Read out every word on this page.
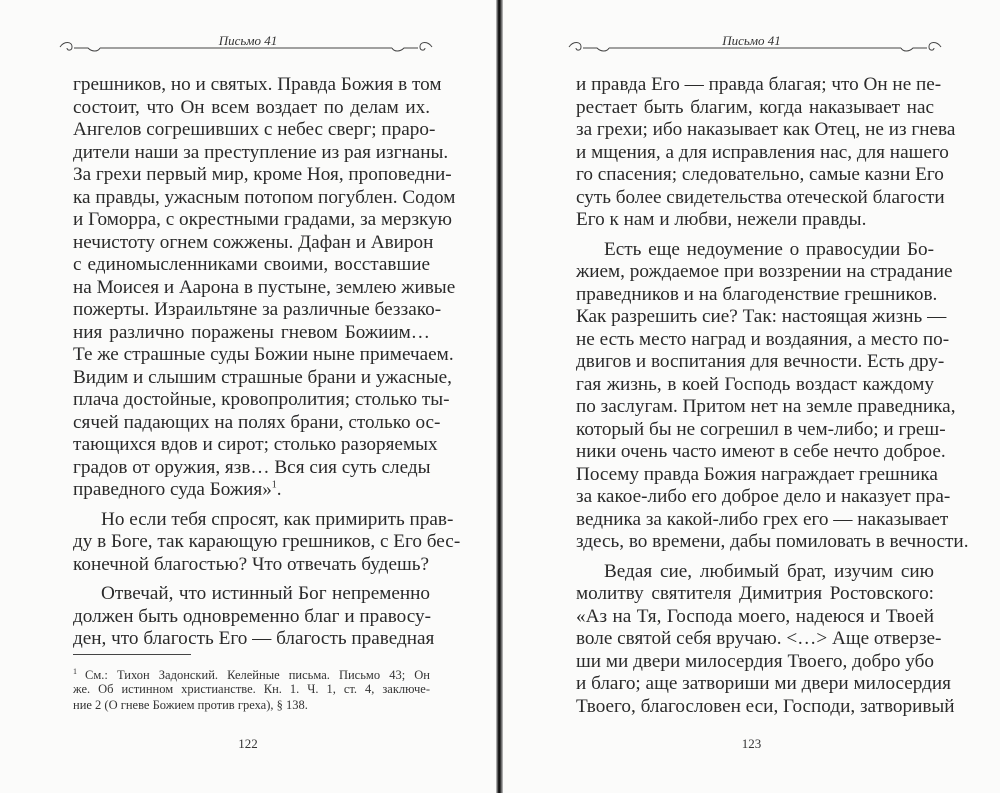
Письмо 41
грешников, но и святых. Правда Божия в том
состоит, что Он всем воздает по делам их.
Ангелов согрешивших с небес сверг; прaро-
дители наши за преступление из рая изгнаны.
За грехи первый мир, кроме Ноя, проповедни-
ка правды, ужасным потопом погублен. Содом
и Гоморра, с окрестными градами, за мерзкую
нечистоту огнем сожжены. Дафан и Авирон
с единомысленниками своими, восставшие
на Моисея и Аарона в пустыне, землею живые
пожерты. Израильтяне за различные беззако-
ния различно поражены гневом Божиим…
Те же страшные суды Божии ныне примечаем.
Видим и слышим страшные брани и ужасные,
плача достойные, кровопролития; столько ты-
сячей падающих на полях брани, столько ос-
тающихся вдов и сирот; столько разоряемых
градов от оружия, язв… Вся сия суть следы
праведного суда Божия»$^1$.
Но если тебя спросят, как примирить прав-
ду в Боге, так карающую грешников, с Его бес-
конечной благостью? Что отвечать будешь?
Отвечай, что истинный Бог непременно
должен быть одновременно благ и правосу-
ден, что благость Его — благость праведная
$^1$ См.: Тихон Задонский. Келейные письма. Письмо 43; Он
же. Об истинном христианстве. Кн. 1. Ч. 1, ст. 4, заключе-
ние 2 (О гневе Божием против греха), § 138.
122
Письмо 41
и правда Его — правда благая; что Он не пе-
рестает быть благим, когда наказывает нас
за грехи; ибо наказывает как Отец, не из гнева
и мщения, а для исправления нас, для нашего
го спасения; следовательно, самые казни Его
суть более свидетельства отеческой благости
Его к нам и любви, нежели правды.
Есть еще недоумение о правосудии Бо-
жием, рождаемое при воззрении на страдание
праведников и на благоденствие грешников.
Как разрешить сие? Так: настоящая жизнь —
не есть место наград и воздаяния, а место по-
двигов и воспитания для вечности. Есть дру-
гая жизнь, в коей Господь воздаст каждому
по заслугам. Притом нет на земле праведника,
который бы не согрешил в чем-либо; и греш-
ники очень часто имеют в себе нечто доброе.
Посему правда Божия награждает грешника
за какое-либо его доброе дело и наказует пра-
ведника за какой-либо грех его — наказывает
здесь, во времени, дабы помиловать в вечности.
Ведая сие, любимый брат, изучим сию
молитву святителя Димитрия Ростовского:
«Аз на Тя, Господа моего, надеюся и Твоей
воле святой себя вручаю. <…> Аще отверзе-
ши ми двери милосердия Твоего, добро убо
и благо; аще затвориши ми двери милосердия
Твоего, благословен еси, Господи, затворивый
123
